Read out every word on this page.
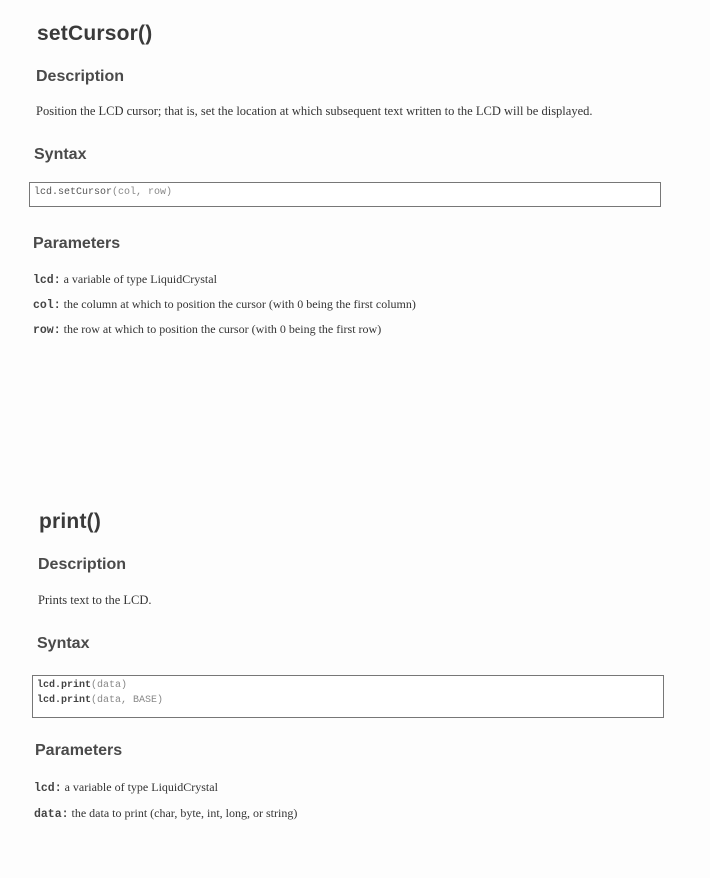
setCursor()
Description

Position the LCD cursor; that is, set the location at which subsequent text written to the LCD will be displayed.

Syntax
lcd.setCursor(col, row)
Parameters

lcd: a variable of type LiquidCrystal

col: the column at which to position the cursor (with 0 being the first column)

row: the row at which to position the cursor (with 0 being the first row)

print()
Description

Prints text to the LCD.

Syntax
lcd.print(data)
lcd.print(data, BASE)
Parameters

lcd: a variable of type LiquidCrystal

data: the data to print (char, byte, int, long, or string)
